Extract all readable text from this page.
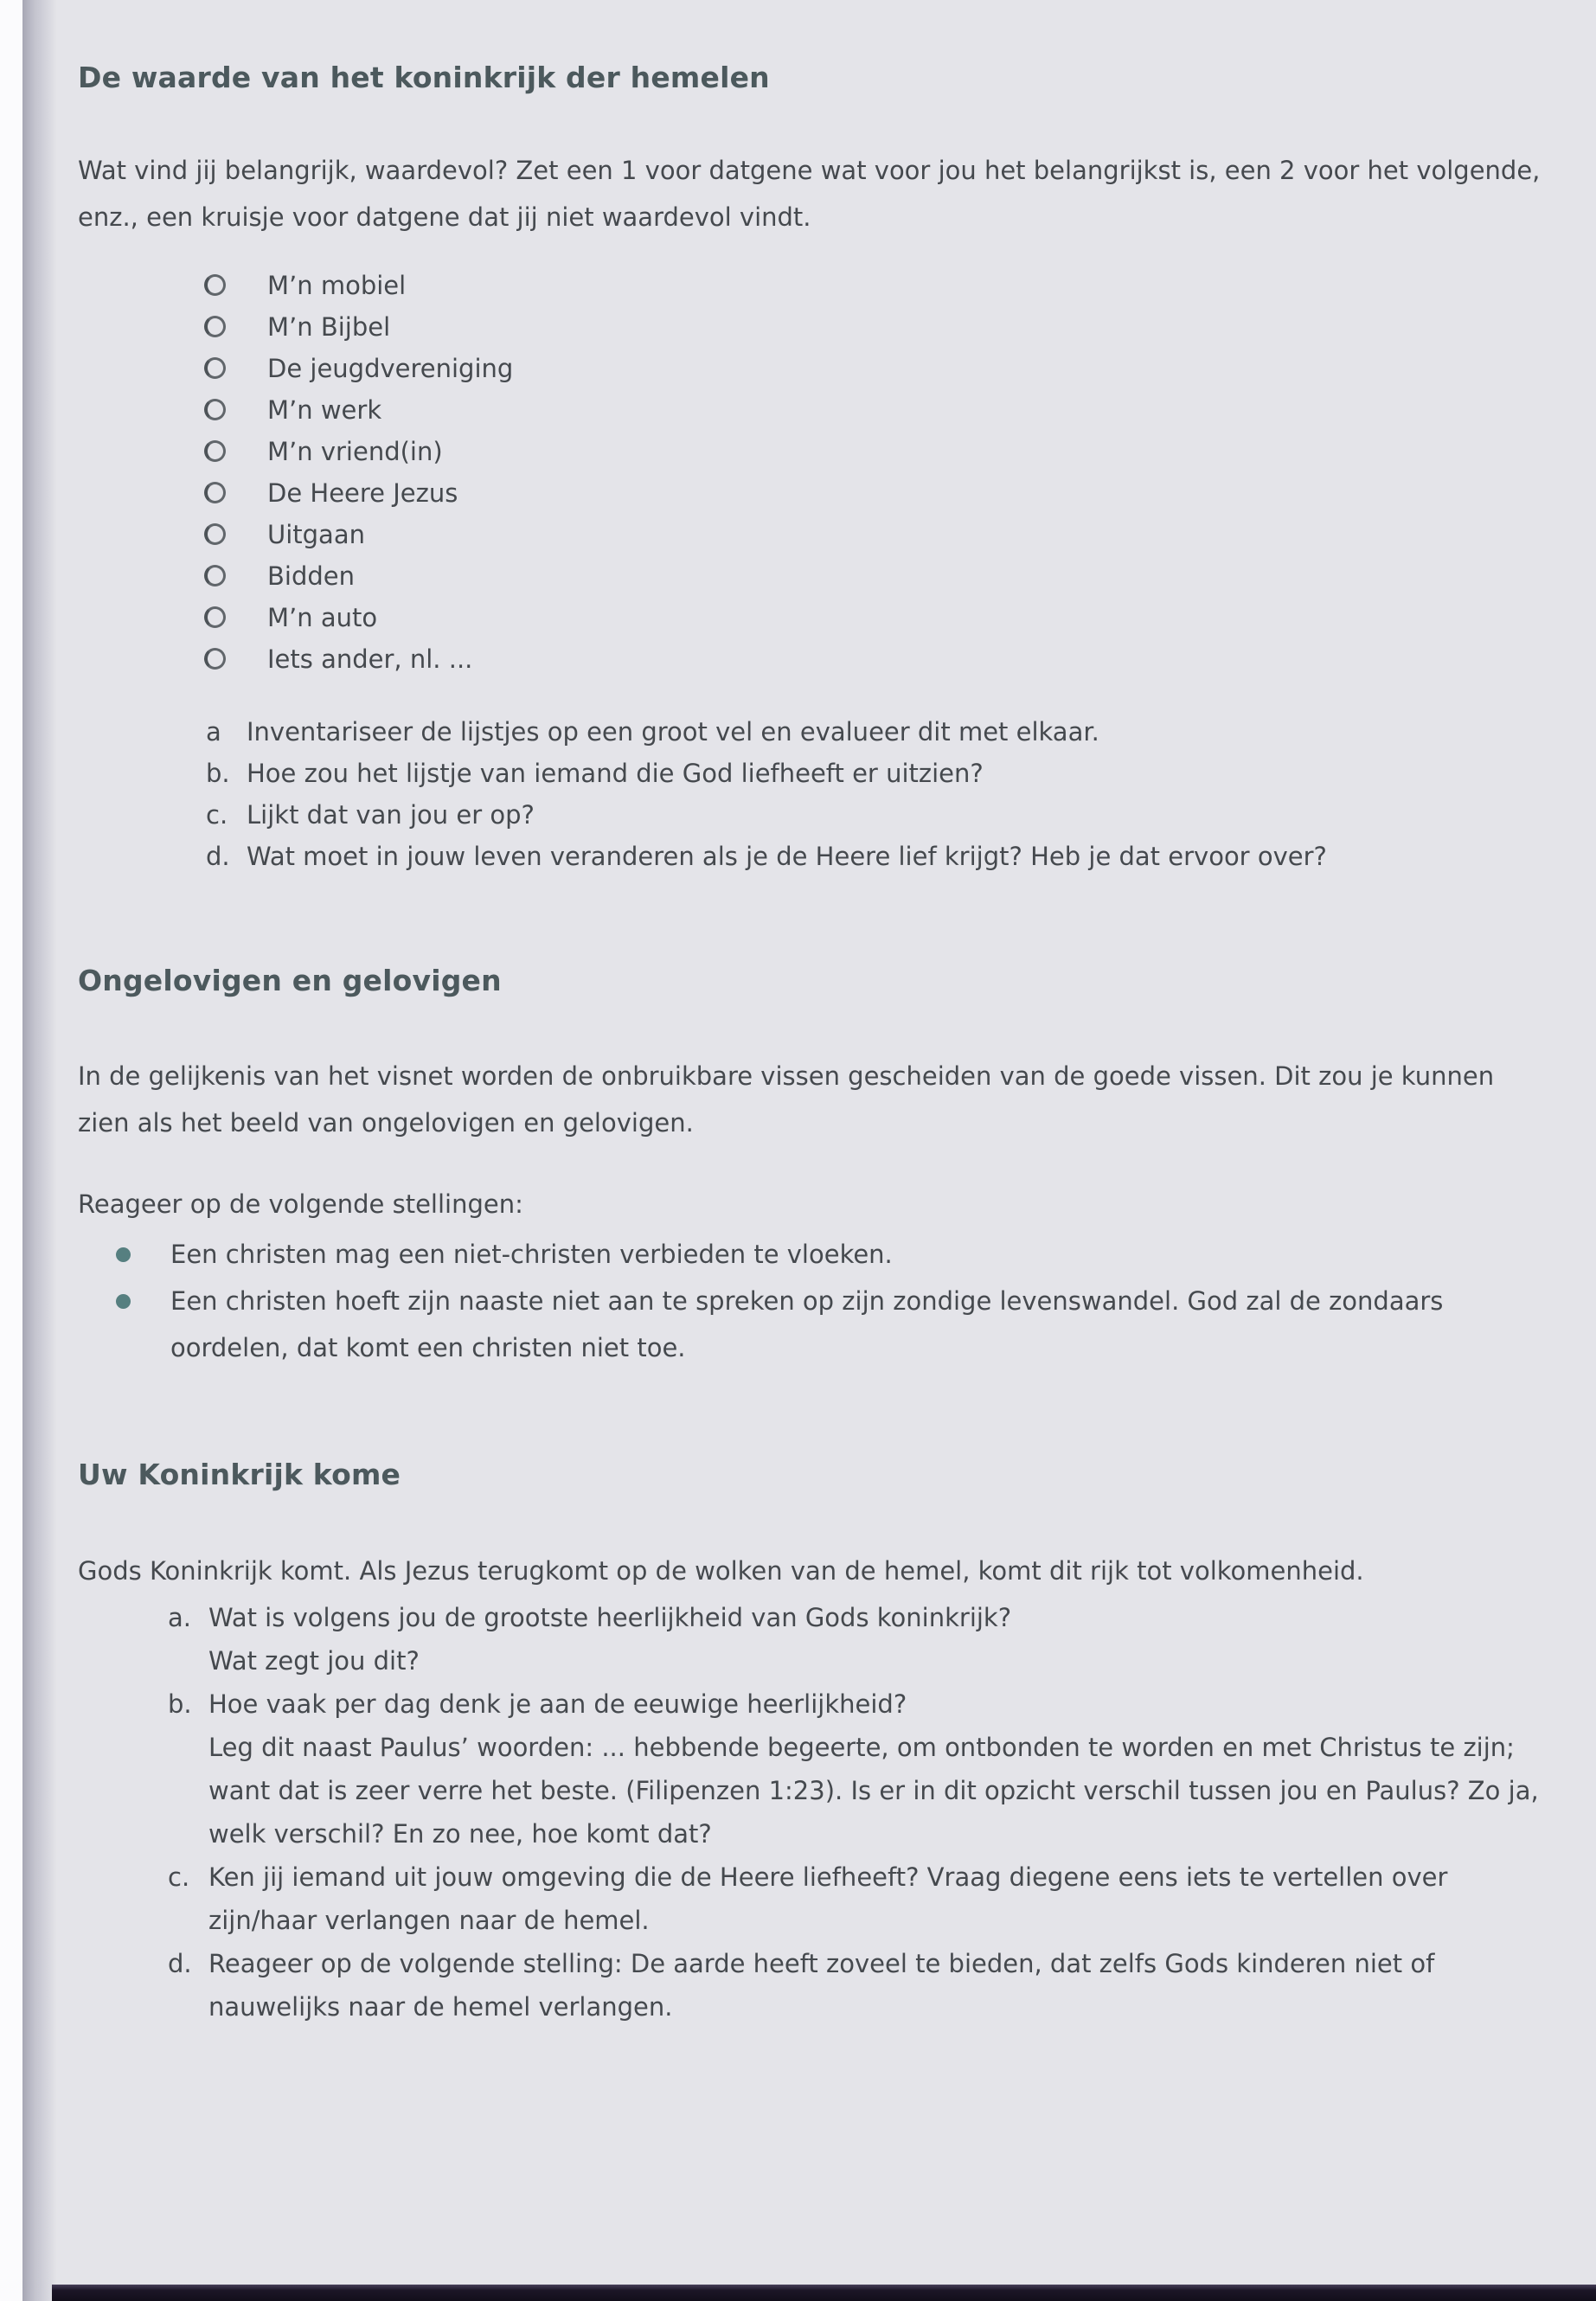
De waarde van het koninkrijk der hemelen

Wat vind jij belangrijk, waardevol? Zet een 1 voor datgene wat voor jou het belangrijkst is, een 2 voor het volgende, enz., een kruisje voor datgene dat jij niet waardevol vindt.

M’n mobiel
M’n Bijbel
De jeugdvereniging
M’n werk
M’n vriend(in)
De Heere Jezus
Uitgaan
Bidden
M’n auto
Iets ander, nl. ...
a	Inventariseer de lijstjes op een groot vel en evalueer dit met elkaar.
b. Hoe zou het lijstje van iemand die God liefheeft er uitzien?
c. Lijkt dat van jou er op?
d. Wat moet in jouw leven veranderen als je de Heere lief krijgt? Heb je dat ervoor over?
Ongelovigen en gelovigen

In de gelijkenis van het visnet worden de onbruikbare vissen gescheiden van de goede vissen. Dit zou je kunnen zien als het beeld van ongelovigen en gelovigen.

Reageer op de volgende stellingen:

Een christen mag een niet-christen verbieden te vloeken.
Een christen hoeft zijn naaste niet aan te spreken op zijn zondige levenswandel. God zal de zondaars oordelen, dat komt een christen niet toe.
Uw Koninkrijk kome

Gods Koninkrijk komt. Als Jezus terugkomt op de wolken van de hemel, komt dit rijk tot volkomenheid.

a. Wat is volgens jou de grootste heerlijkheid van Gods koninkrijk?
Wat zegt jou dit?
b. Hoe vaak per dag denk je aan de eeuwige heerlijkheid?
Leg dit naast Paulus’ woorden: ... hebbende begeerte, om ontbonden te worden en met Christus te zijn; want dat is zeer verre het beste. (Filipenzen 1:23). Is er in dit opzicht verschil tussen jou en Paulus? Zo ja, welk verschil? En zo nee, hoe komt dat?
c. Ken jij iemand uit jouw omgeving die de Heere liefheeft? Vraag diegene eens iets te vertellen over zijn/haar verlangen naar de hemel.
d. Reageer op de volgende stelling: De aarde heeft zoveel te bieden, dat zelfs Gods kinderen niet of nauwelijks naar de hemel verlangen.
